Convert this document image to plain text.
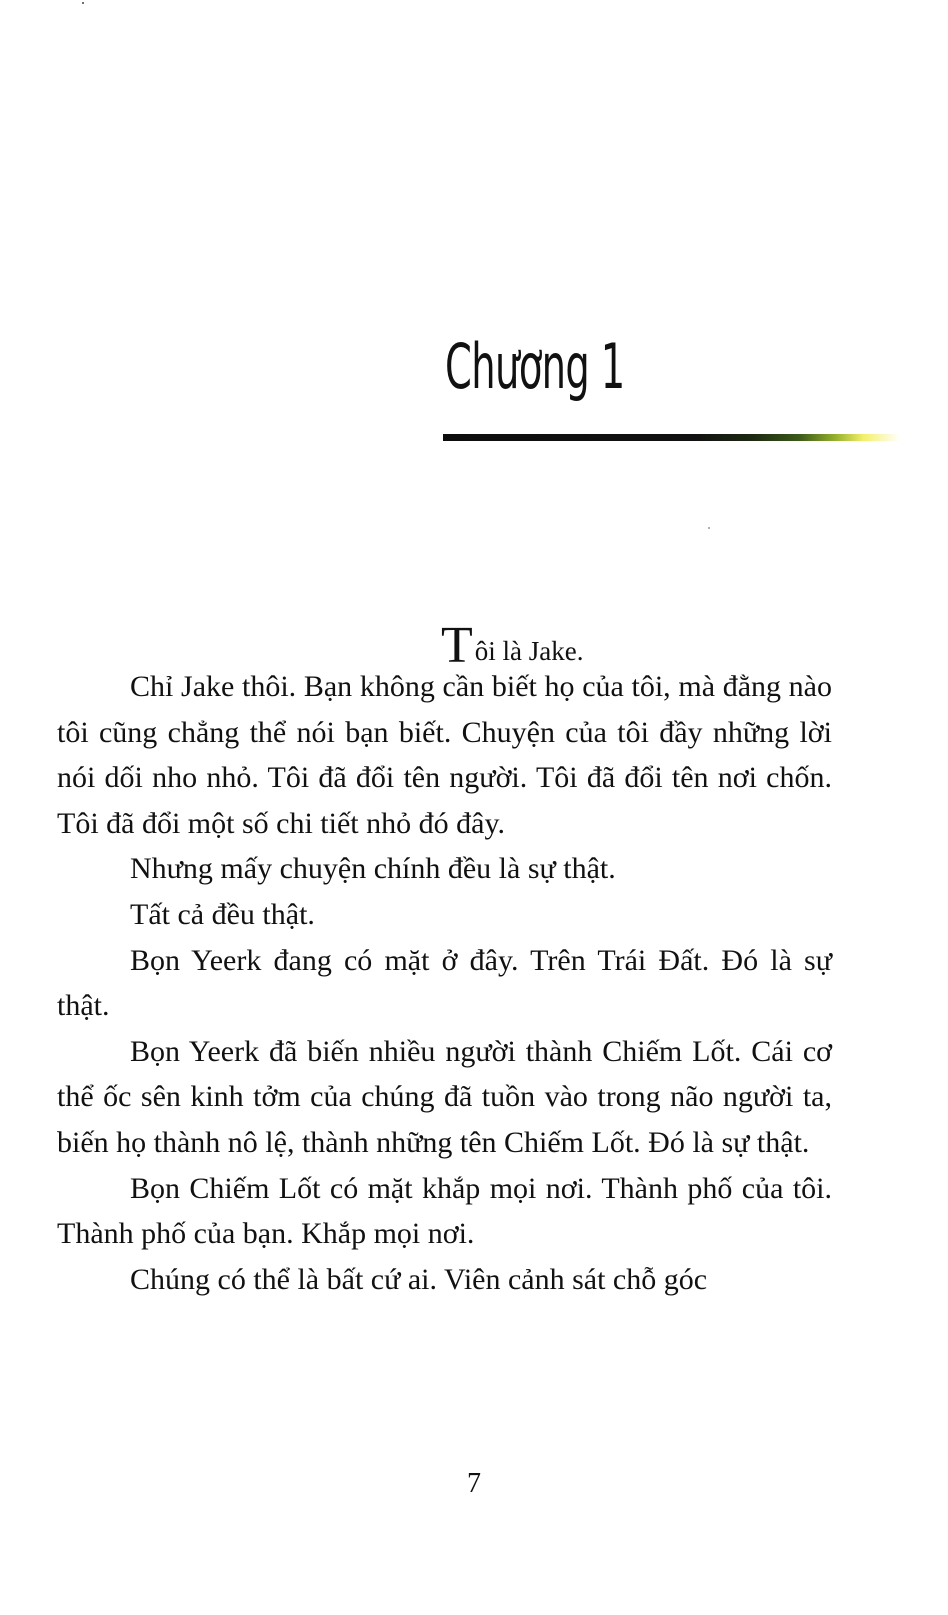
Chương 1
Tôi là Jake.

Chỉ Jake thôi. Bạn không cần biết họ của tôi, mà đằng nào tôi cũng chẳng thể nói bạn biết. Chuyện của tôi đầy những lời nói dối nho nhỏ. Tôi đã đổi tên người. Tôi đã đổi tên nơi chốn. Tôi đã đổi một số chi tiết nhỏ đó đây.

Nhưng mấy chuyện chính đều là sự thật.

Tất cả đều thật.

Bọn Yeerk đang có mặt ở đây. Trên Trái Đất. Đó là sự thật.

Bọn Yeerk đã biến nhiều người thành Chiếm Lốt. Cái cơ thể ốc sên kinh tởm của chúng đã tuồn vào trong não người ta, biến họ thành nô lệ, thành những tên Chiếm Lốt. Đó là sự thật.

Bọn Chiếm Lốt có mặt khắp mọi nơi. Thành phố của tôi. Thành phố của bạn. Khắp mọi nơi.

Chúng có thể là bất cứ ai. Viên cảnh sát chỗ góc

7
